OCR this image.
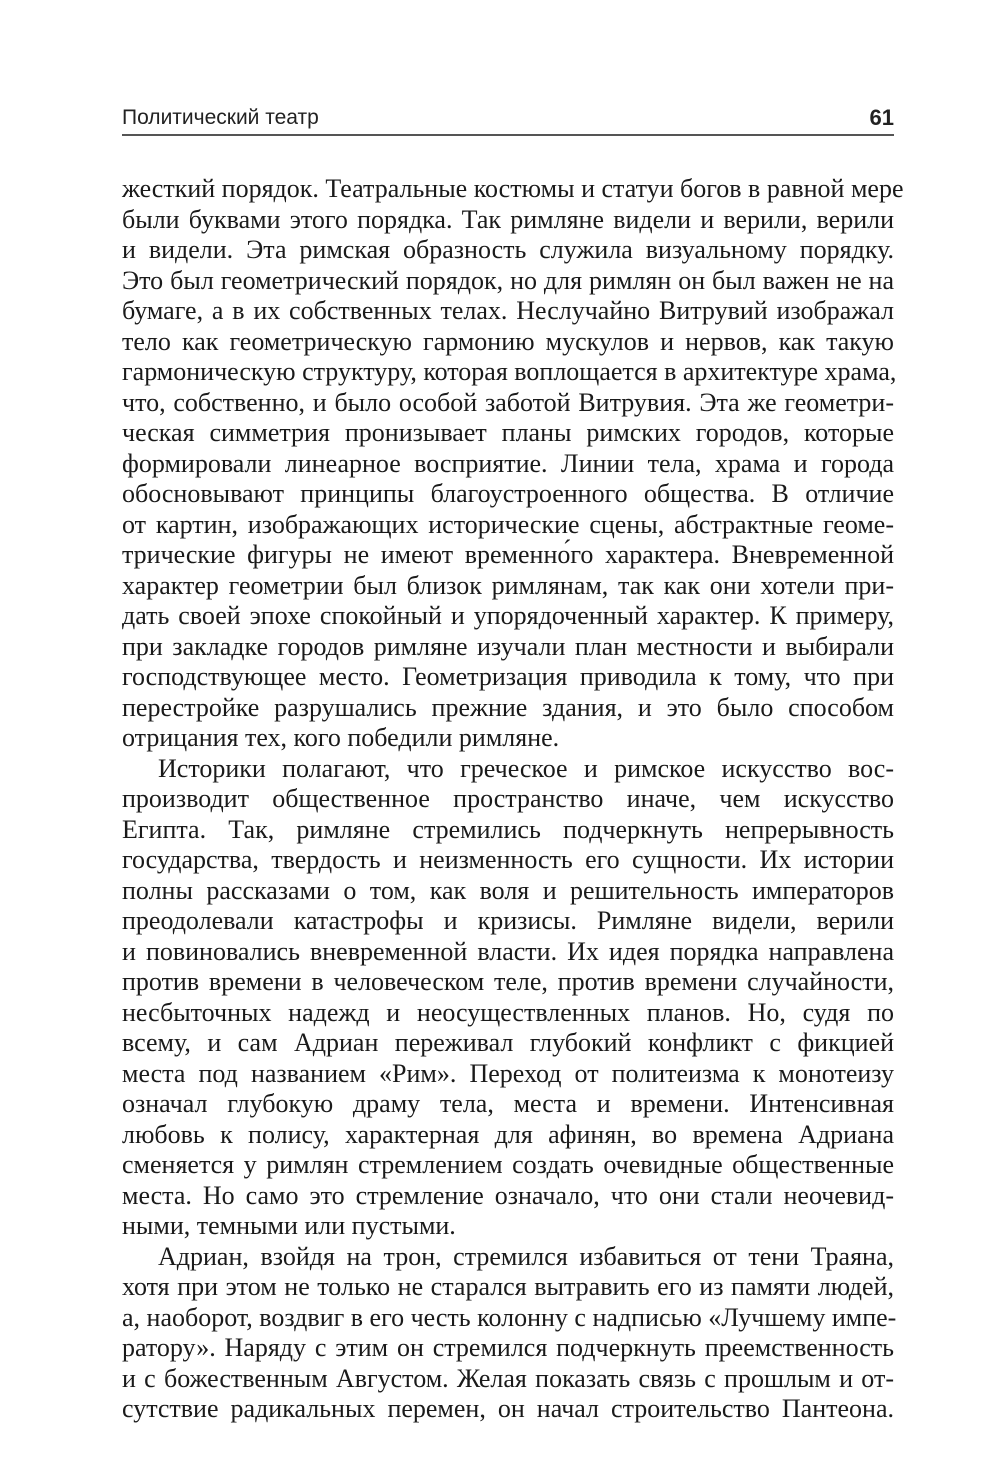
Политический театр	61
жесткий порядок. Театральные костюмы и статуи богов в равной мере
были буквами этого порядка. Так римляне видели и верили, верили
и видели. Эта римская образность служила визуальному порядку.
Это был геометрический порядок, но для римлян он был важен не на
бумаге, а в их собственных телах. Неслучайно Витрувий изображал
тело как геометрическую гармонию мускулов и нервов, как такую
гармоническую структуру, которая воплощается в архитектуре храма,
что, собственно, и было особой заботой Витрувия. Эта же геометри-
ческая симметрия пронизывает планы римских городов, которые
формировали линеарное восприятие. Линии тела, храма и города
обосновывают принципы благоустроенного общества. В отличие
от картин, изображающих исторические сцены, абстрактные геоме-
трические фигуры не имеют временно́го характера. Вневременной
характер геометрии был близок римлянам, так как они хотели при-
дать своей эпохе спокойный и упорядоченный характер. К примеру,
при закладке городов римляне изучали план местности и выбирали
господствующее место. Геометризация приводила к тому, что при
перестройке разрушались прежние здания, и это было способом
отрицания тех, кого победили римляне.
Историки полагают, что греческое и римское искусство вос-
производит общественное пространство иначе, чем искусство
Египта. Так, римляне стремились подчеркнуть непрерывность
государства, твердость и неизменность его сущности. Их истории
полны рассказами о том, как воля и решительность императоров
преодолевали катастрофы и кризисы. Римляне видели, верили
и повиновались вневременной власти. Их идея порядка направлена
против времени в человеческом теле, против времени случайности,
несбыточных надежд и неосуществленных планов. Но, судя по
всему, и сам Адриан переживал глубокий конфликт с фикцией
места под названием «Рим». Переход от политеизма к монотеизу
означал глубокую драму тела, места и времени. Интенсивная
любовь к полису, характерная для афинян, во времена Адриана
сменяется у римлян стремлением создать очевидные общественные
места. Но само это стремление означало, что они стали неочевид-
ными, темными или пустыми.
Адриан, взойдя на трон, стремился избавиться от тени Траяна,
хотя при этом не только не старался вытравить его из памяти людей,
а, наоборот, воздвиг в его честь колонну с надписью «Лучшему импе-
ратору». Наряду с этим он стремился подчеркнуть преемственность
и с божественным Августом. Желая показать связь с прошлым и от-
сутствие радикальных перемен, он начал строительство Пантеона.
